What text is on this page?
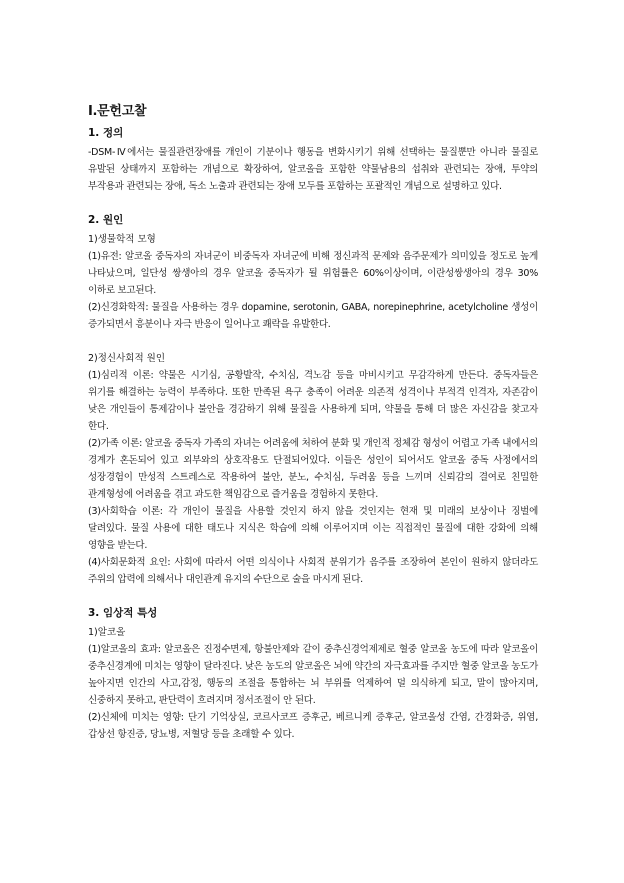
Ⅰ.문헌고찰
1. 정의

-DSM-Ⅳ에서는 물질관련장애를 개인이 기분이나 행동을 변화시키기 위해 선택하는 물질뿐만 아니라 물질로 유발된 상태까지 포함하는 개념으로 확장하여, 알코올을 포함한 약물남용의 섭취와 관련되는 장애, 투약의 부작용과 관련되는 장애, 독소 노출과 관련되는 장애 모두를 포함하는 포괄적인 개념으로 설명하고 있다.

2. 원인

1)생물학적 모형

(1)유전: 알코올 중독자의 자녀군이 비중독자 자녀군에 비해 정신과적 문제와 음주문제가 의미있을 정도로 높게 나타났으며, 일단성 쌍생아의 경우 알코올 중독자가 될 위험률은 60%이상이며, 이란성쌍생아의 경우 30% 이하로 보고된다.

(2)신경화학적: 물질을 사용하는 경우 dopamine, serotonin, GABA, norepinephrine, acetylcholine 생성이 증가되면서 흥분이나 자극 반응이 일어나고 쾌락을 유발한다.

2)정신사회적 원인

(1)심리적 이론: 약물은 시기심, 공황발작, 수치심, 격노감 등을 마비시키고 무감각하게 만든다. 중독자들은 위기를 해결하는 능력이 부족하다. 또한 만족된 욕구 충족이 어려운 의존적 성격이나 부적격 인격자, 자존감이 낮은 개인들이 통제감이나 불안을 경감하기 위해 물질을 사용하게 되며, 약물을 통해 더 많은 자신감을 찾고자 한다.

(2)가족 이론: 알코올 중독자 가족의 자녀는 어려움에 처하여 분화 및 개인적 정체감 형성이 어렵고 가족 내에서의 경계가 혼돈되어 있고 외부와의 상호작용도 단절되어있다. 이들은 성인이 되어서도 알코올 중독 사정에서의 성장경험이 만성적 스트레스로 작용하여 불안, 분노, 수치심, 두려움 등을 느끼며 신뢰감의 결여로 친밀한 관계형성에 어려움을 겪고 과도한 책임감으로 즐거움을 경험하지 못한다.

(3)사회학습 이론: 각 개인이 물질을 사용할 것인지 하지 않을 것인지는 현재 및 미래의 보상이나 징벌에 달려있다. 물질 사용에 대한 태도나 지식은 학습에 의해 이루어지며 이는 직접적인 물질에 대한 강화에 의해 영향을 받는다.

(4)사회문화적 요인: 사회에 따라서 어떤 의식이나 사회적 분위기가 음주를 조장하여 본인이 원하지 않더라도 주위의 압력에 의해서나 대인관계 유지의 수단으로 술을 마시게 된다.

3. 임상적 특성

1)알코올

(1)알코올의 효과: 알코올은 진정수면제, 항불안제와 같이 중추신경억제제로 혈중 알코올 농도에 따라 알코올이 중추신경계에 미치는 영향이 달라진다. 낮은 농도의 알코올은 뇌에 약간의 자극효과를 주지만 혈중 알코올 농도가 높아지면 인간의 사고,감정, 행동의 조절을 통합하는 뇌 부위를 억제하여 덜 의식하게 되고, 말이 많아지며, 신중하지 못하고, 판단력이 흐려지며 정서조절이 안 된다.

(2)신체에 미치는 영향: 단기 기억상실, 코르사코프 증후군, 베르니케 증후군, 알코올성 간염, 간경화증, 위염, 갑상선 항진증, 당뇨병, 저혈당 등을 초래할 수 있다.
